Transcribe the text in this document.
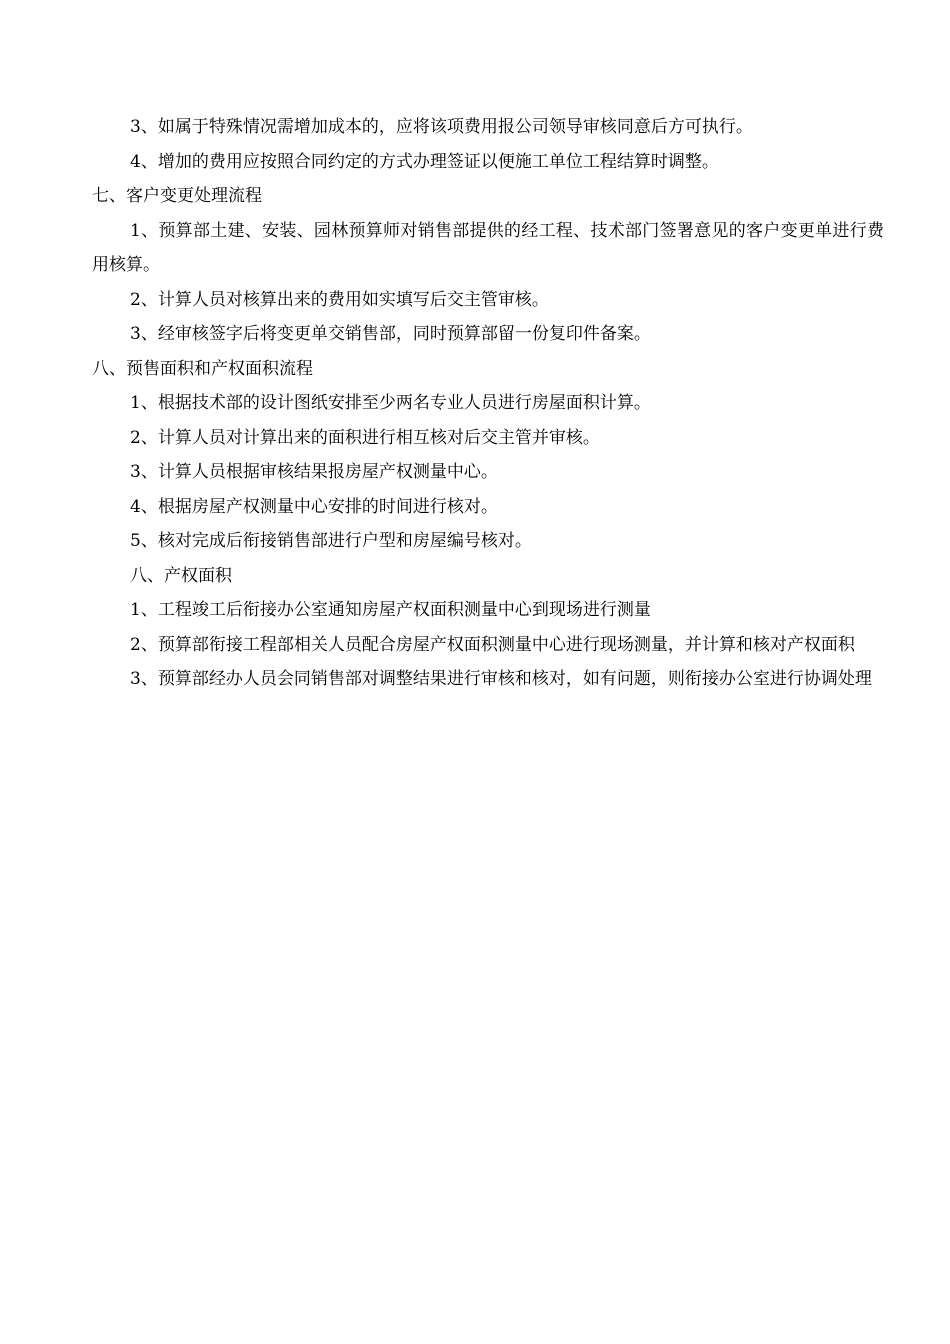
3、如属于特殊情况需增加成本的，应将该项费用报公司领导审核同意后方可执行。

4、增加的费用应按照合同约定的方式办理签证以便施工单位工程结算时调整。

七、客户变更处理流程

1、预算部土建、安装、园林预算师对销售部提供的经工程、技术部门签署意见的客户变更单进行费用核算。

2、计算人员对核算出来的费用如实填写后交主管审核。

3、经审核签字后将变更单交销售部，同时预算部留一份复印件备案。

八、预售面积和产权面积流程

1、根据技术部的设计图纸安排至少两名专业人员进行房屋面积计算。

2、计算人员对计算出来的面积进行相互核对后交主管并审核。

3、计算人员根据审核结果报房屋产权测量中心。

4、根据房屋产权测量中心安排的时间进行核对。

5、核对完成后衔接销售部进行户型和房屋编号核对。

八、产权面积

1、工程竣工后衔接办公室通知房屋产权面积测量中心到现场进行测量

2、预算部衔接工程部相关人员配合房屋产权面积测量中心进行现场测量，并计算和核对产权面积

3、预算部经办人员会同销售部对调整结果进行审核和核对，如有问题，则衔接办公室进行协调处理
